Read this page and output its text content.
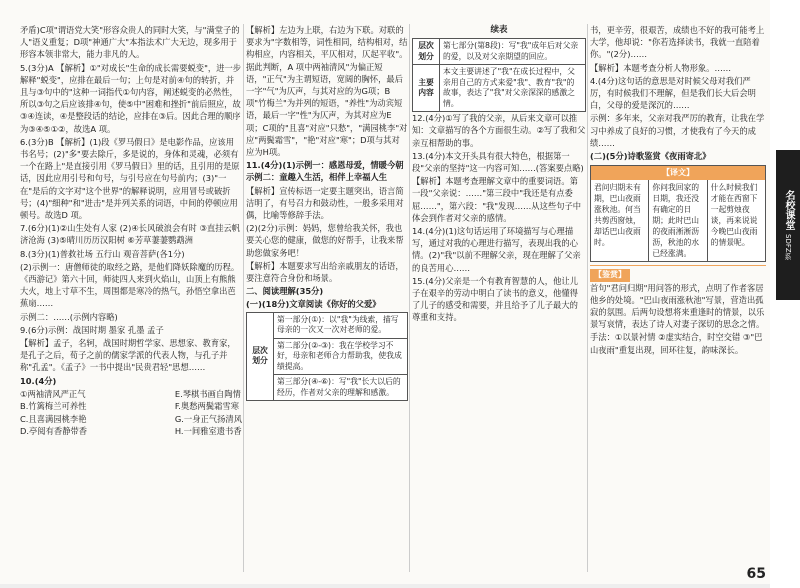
矛盾)C项"谓语党大笑"形容众贵人的同时大笑，与"满堂子的人"语义重复；D项"神通广大"本指法术广大无边，现多用于形容本领非常大，能力非凡的人。

5.(3分)A 【解析】①"对成长"生命的成长需要蜕变"，进一步解释"蜕变"，应排在最后一句；上句是对前④句的转折，并且与③句中的"这种一词指代①句内容，阐述蜕变的必然性，所以③句之后应该排④句，使⑤中"困难和挫折"前后照应，故③④连读，④是整段话的结论，应排在③后。因此合理的顺序为③④⑤①②，故选A 项。

6.(3分)B 【解析】(1)段《罗马假日》是电影作品，应该用书名号；(2)"多"要去除斤，多是说的，身体和灵魂，必须有一个在路上"是直接引用《罗马假日》里的话，且引用的是原话，因此应用引号和句号，与引号应在句号前内；(3)"一在"是后的文字对"这个世界"的解释说明，应用冒号或破折号；(4)"细种"和"进击"是并列关系的词语，中间的停顿应用顿号。故选D 项。

7.(6分)(1)②山生处有人家 (2)④长风破浪会有时 ③直挂云帆济沧海 (3)⑤晴川历历汉阳树 ⑥芳草萋萋鹦鹉洲

8.(3分)(1)普救社场 五行山 观音菩萨(各1分)

(2)示例一：唐僧师徒的取经之路，是他们降妖除魔的历程。《西游记》第六十回，师徒四人来到火焰山，山顶上有熊熊大火，地上寸草不生，周围都是寒冷的热气，孙悟空拿出芭蕉扇……

示例二：……(示例内容略)

9.(6分)示例：战国时期 墨家 孔墨 孟子

【解析】孟子，名轲，战国时期哲学家、思想家、教育家，是孔子之后，荀子之前的儒家学派的代表人物，与孔子并称"孔孟"。《孟子》一书中提出"民贵君轻"思想……

10.(4分)

①两袖清风严正气
B.竹篱梅兰可养性
C.且喜满园桃李艳
D.亭阅有香静带香
E.琴棋书画自陶情
F.奥愁两鬓霜雪寒
G.一身正气扬清风
H.一间雅室遗书香

【解析】左边为上联，右边为下联。对联的要求为"字数相等，词性相同，结构相对，结构相应，内容相关，平仄相对，仄起平收"。据此判断，A 项中两袖清风"为偏正短语，"正气"为主谓短语，宽阔的胸怀，最后一字"气"为仄声，与其对应的为G项；B项"竹梅兰"为并列的短语，"养性"为动宾短语，最后一字"性"为仄声，为其对应为E项；C项的"且喜"对应"只愁"，"满园桃李"对应"两鬓霜雪"，"艳"对应"寒"；D项与其对应为H项。

11.(4分)(1)示例一：感恩母爱，情暖今朝 示例二：童趣入生活，相伴上幸福人生

【解析】宣传标语一定要主题突出，语言简洁明了，有号召力和鼓动性，一般多采用对偶，比喻等修辞手法。

(2)(2分)示例：妈妈，您曾给我关怀，我也要关心您的健康，做您的好帮手，让我来帮助您做家务吧！

【解析】本题要求写出给亲戚朋友的话语，要注意符合身份和场景。

二、阅读理解(35分)

(一)(18分)文章阅读《你好的父爱》

层次划分	第一部分(①)：以"我"为线索，描写母亲的一次又一次对老师的爱。
第二部分(②-③)：我在学校学习不好，母亲和老师合力帮助我，使我成绩提高。
第三部分(④-⑥)：写"我"长大以后的经历，作者对父亲的理解和感激。
续表
层次划分	第七部分(第8段)：写"我"成年后对父亲的爱，以及对父亲期望的回应。
主要内容	本文主要讲述了"我"在成长过程中，父亲用自己的方式来爱"我"、教育"我"的故事，表达了"我"对父亲深深的感激之情。

12.(4分)①写了我的父亲，从后来文章可以推知：文章描写的各个方面很生动。②写了我和父亲互相帮助的事。

13.(4分)本文开头具有很大特色，根据第一段"父亲的坚持"这一内容可知……(答案要点略)

【解析】本题考查理解文章中的重要词语。第一段"父亲说：……"第三段中"我还是有点委屈……"，第六段："我"发现……从这些句子中体会到作者对父亲的感情。

14.(4分)(1)这句话运用了环境描写与心理描写，通过对我的心理进行描写，表现出我的心情。(2)"我"以前不理解父亲，现在理解了父亲的良苦用心……

15.(4分)父亲是一个有教育智慧的人，他让儿子在艰辛的劳动中明白了读书的意义，他懂得了儿子的感受和需要，并且给予了儿子最大的尊重和支持。

书，更辛劳，很艰苦，成绩也不好的我可能考上大学，他却说："你若选择读书，我就一直陪着你。"(2分)……

【解析】本题考查分析人物形象。……

4.(4分)这句话的意思是对时候父母对我们严厉，有时候我们不理解，但是我们长大后会明白，父母的爱是深沉的……

示例：多年来，父亲对我严厉的教育，让我在学习中养成了良好的习惯，才使我有了今天的成绩……

(二)(5分)诗歌鉴赏《夜雨寄北》

【译文】
君问归期未有期，巴山夜雨涨秋池。何当共剪西窗烛，却话巴山夜雨时。
你问我回家的日期，我还没有确定的日期；此时巴山的夜雨淅淅沥沥，秋池的水已经涨满。
什么时候我们才能在西窗下一起剪烛夜谈，再来说说今晚巴山夜雨的情景呢。
【鉴赏】

首句"君问归期"用问答的形式，点明了作者客居他乡的处境。"巴山夜雨涨秋池"写景，营造出孤寂的氛围。后两句设想将来重逢时的情景，以乐景写哀情，表达了诗人对妻子深切的思念之情。

手法：①以景衬情 ②虚实结合，时空交错 ③"巴山夜雨"重复出现，回环往复，韵味深长。

名校课堂
SDFZ系
65
